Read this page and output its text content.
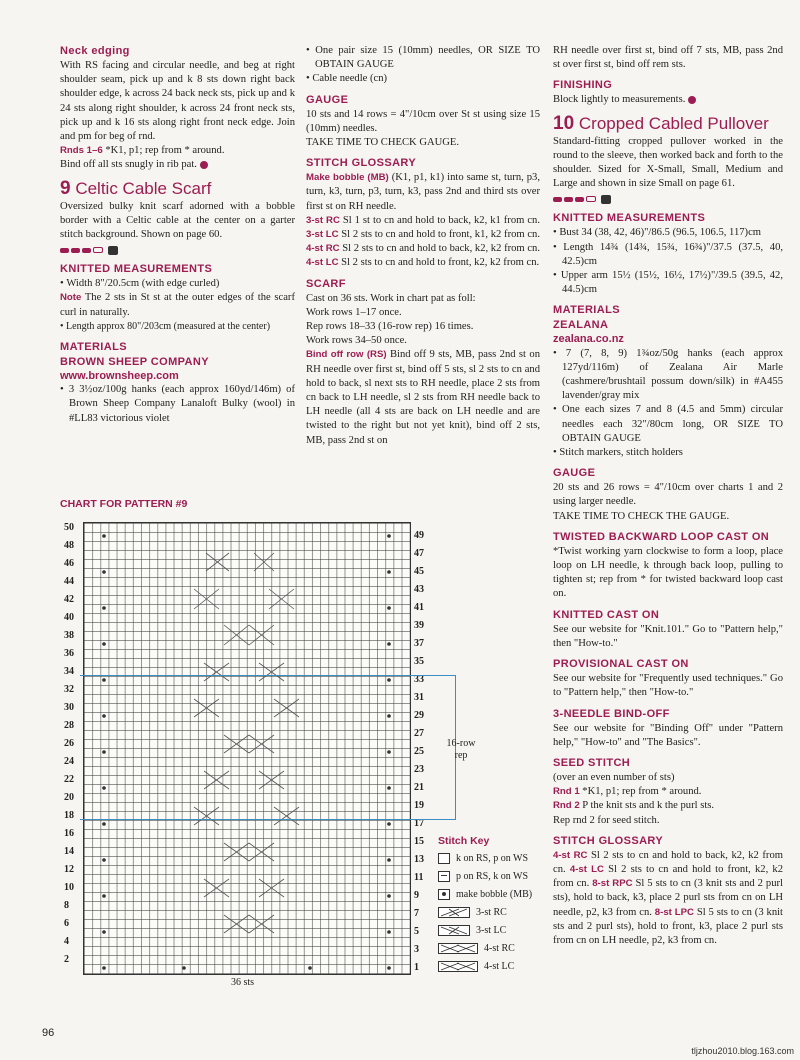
Neck edging

With RS facing and circular needle, and beg at right shoulder seam, pick up and k 8 sts down right back shoulder edge, k across 24 back neck sts, pick up and k 24 sts along right shoulder, k across 24 front neck sts, pick up and k 16 sts along right front neck edge. Join and pm for beg of rnd.

Rnds 1–6 *K1, p1; rep from * around.

Bind off all sts snugly in rib pat.

9 Celtic Cable Scarf

Oversized bulky knit scarf adorned with a bobble border with a Celtic cable at the center on a garter stitch background. Shown on page 60.

KNITTED MEASUREMENTS
• Width 8"/20.5cm (with edge curled)

Note The 2 sts in St st at the outer edges of the scarf curl in naturally.

• Length approx 80"/203cm (measured at the center)
MATERIALS
BROWN SHEEP COMPANY
www.brownsheep.com
• 3 3½oz/100g hanks (each approx 160yd/146m) of Brown Sheep Company Lanaloft Bulky (wool) in #LL83 victorious violet
• One pair size 15 (10mm) needles, OR SIZE TO OBTAIN GAUGE
• Cable needle (cn)
GAUGE

10 sts and 14 rows = 4"/10cm over St st using size 15 (10mm) needles.

TAKE TIME TO CHECK GAUGE.

STITCH GLOSSARY

Make bobble (MB) (K1, p1, k1) into same st, turn, p3, turn, k3, turn, p3, turn, k3, pass 2nd and third sts over first st on RH needle.

3-st RC Sl 1 st to cn and hold to back, k2, k1 from cn. 3-st LC Sl 2 sts to cn and hold to front, k1, k2 from cn. 4-st RC Sl 2 sts to cn and hold to back, k2, k2 from cn. 4-st LC Sl 2 sts to cn and hold to front, k2, k2 from cn.

SCARF

Cast on 36 sts. Work in chart pat as foll:

Work rows 1–17 once.

Rep rows 18–33 (16-row rep) 16 times.

Work rows 34–50 once.

Bind off row (RS) Bind off 9 sts, MB, pass 2nd st on RH needle over first st, bind off 5 sts, sl 2 sts to cn and hold to back, sl next sts to RH needle, place 2 sts from cn back to LH needle, sl 2 sts from RH needle back to LH needle (all 4 sts are back on LH needle and are twisted to the right but not yet knit), bind off 2 sts, MB, pass 2nd st on

RH needle over first st, bind off 7 sts, MB, pass 2nd st over first st, bind off rem sts.

FINISHING

Block lightly to measurements.

10 Cropped Cabled Pullover

Standard-fitting cropped pullover worked in the round to the sleeve, then worked back and forth to the shoulder. Sized for X-Small, Small, Medium and Large and shown in size Small on page 61.

KNITTED MEASUREMENTS
• Bust 34 (38, 42, 46)"/86.5 (96.5, 106.5, 117)cm
• Length 14¾ (14¾, 15¾, 16¾)"/37.5 (37.5, 40, 42.5)cm
• Upper arm 15½ (15½, 16½, 17½)"/39.5 (39.5, 42, 44.5)cm
MATERIALS
ZEALANA
zealana.co.nz
• 7 (7, 8, 9) 1¾oz/50g hanks (each approx 127yd/116m) of Zealana Air Marle (cashmere/brushtail possum down/silk) in #A455 lavender/gray mix
• One each sizes 7 and 8 (4.5 and 5mm) circular needles each 32"/80cm long, OR SIZE TO OBTAIN GAUGE
• Stitch markers, stitch holders
GAUGE

20 sts and 26 rows = 4"/10cm over charts 1 and 2 using larger needle.

TAKE TIME TO CHECK THE GAUGE.

TWISTED BACKWARD LOOP CAST ON

*Twist working yarn clockwise to form a loop, place loop on LH needle, k through back loop, pulling to tighten st; rep from * for twisted backward loop cast on.

KNITTED CAST ON

See our website for "Knit.101." Go to "Pattern help," then "How-to."

PROVISIONAL CAST ON

See our website for "Frequently used techniques." Go to "Pattern help," then "How-to."

3-NEEDLE BIND-OFF

See our website for "Binding Off" under "Pattern help," "How-to" and "The Basics".

SEED STITCH

(over an even number of sts)

Rnd 1 *K1, p1; rep from * around.

Rnd 2 P the knit sts and k the purl sts.

Rep rnd 2 for seed stitch.

STITCH GLOSSARY

4-st RC Sl 2 sts to cn and hold to back, k2, k2 from cn. 4-st LC Sl 2 sts to cn and hold to front, k2, k2 from cn. 8-st RPC Sl 5 sts to cn (3 knit sts and 2 purl sts), hold to back, k3, place 2 purl sts from cn on LH needle, p2, k3 from cn. 8-st LPC Sl 5 sts to cn (3 knit sts and 2 purl sts), hold to front, k3, place 2 purl sts from cn on LH needle, p2, k3 from cn.

CHART FOR PATTERN #9
50
48
46
44
42
40
38
36
34
32
30
28
26
24
22
20
18
16
14
12
10
8
6
4
2
49
47
45
43
41
39
37
35
33
31
29
27
25
23
21
19
17
15
13
11
9
7
5
3
1
16-row
rep
36 sts
Stitch Key
k on RS, p on WS
p on RS, k on WS
make bobble (MB)
3-st RC
3-st LC
4-st RC
4-st LC
96
tljzhou2010.blog.163.com
